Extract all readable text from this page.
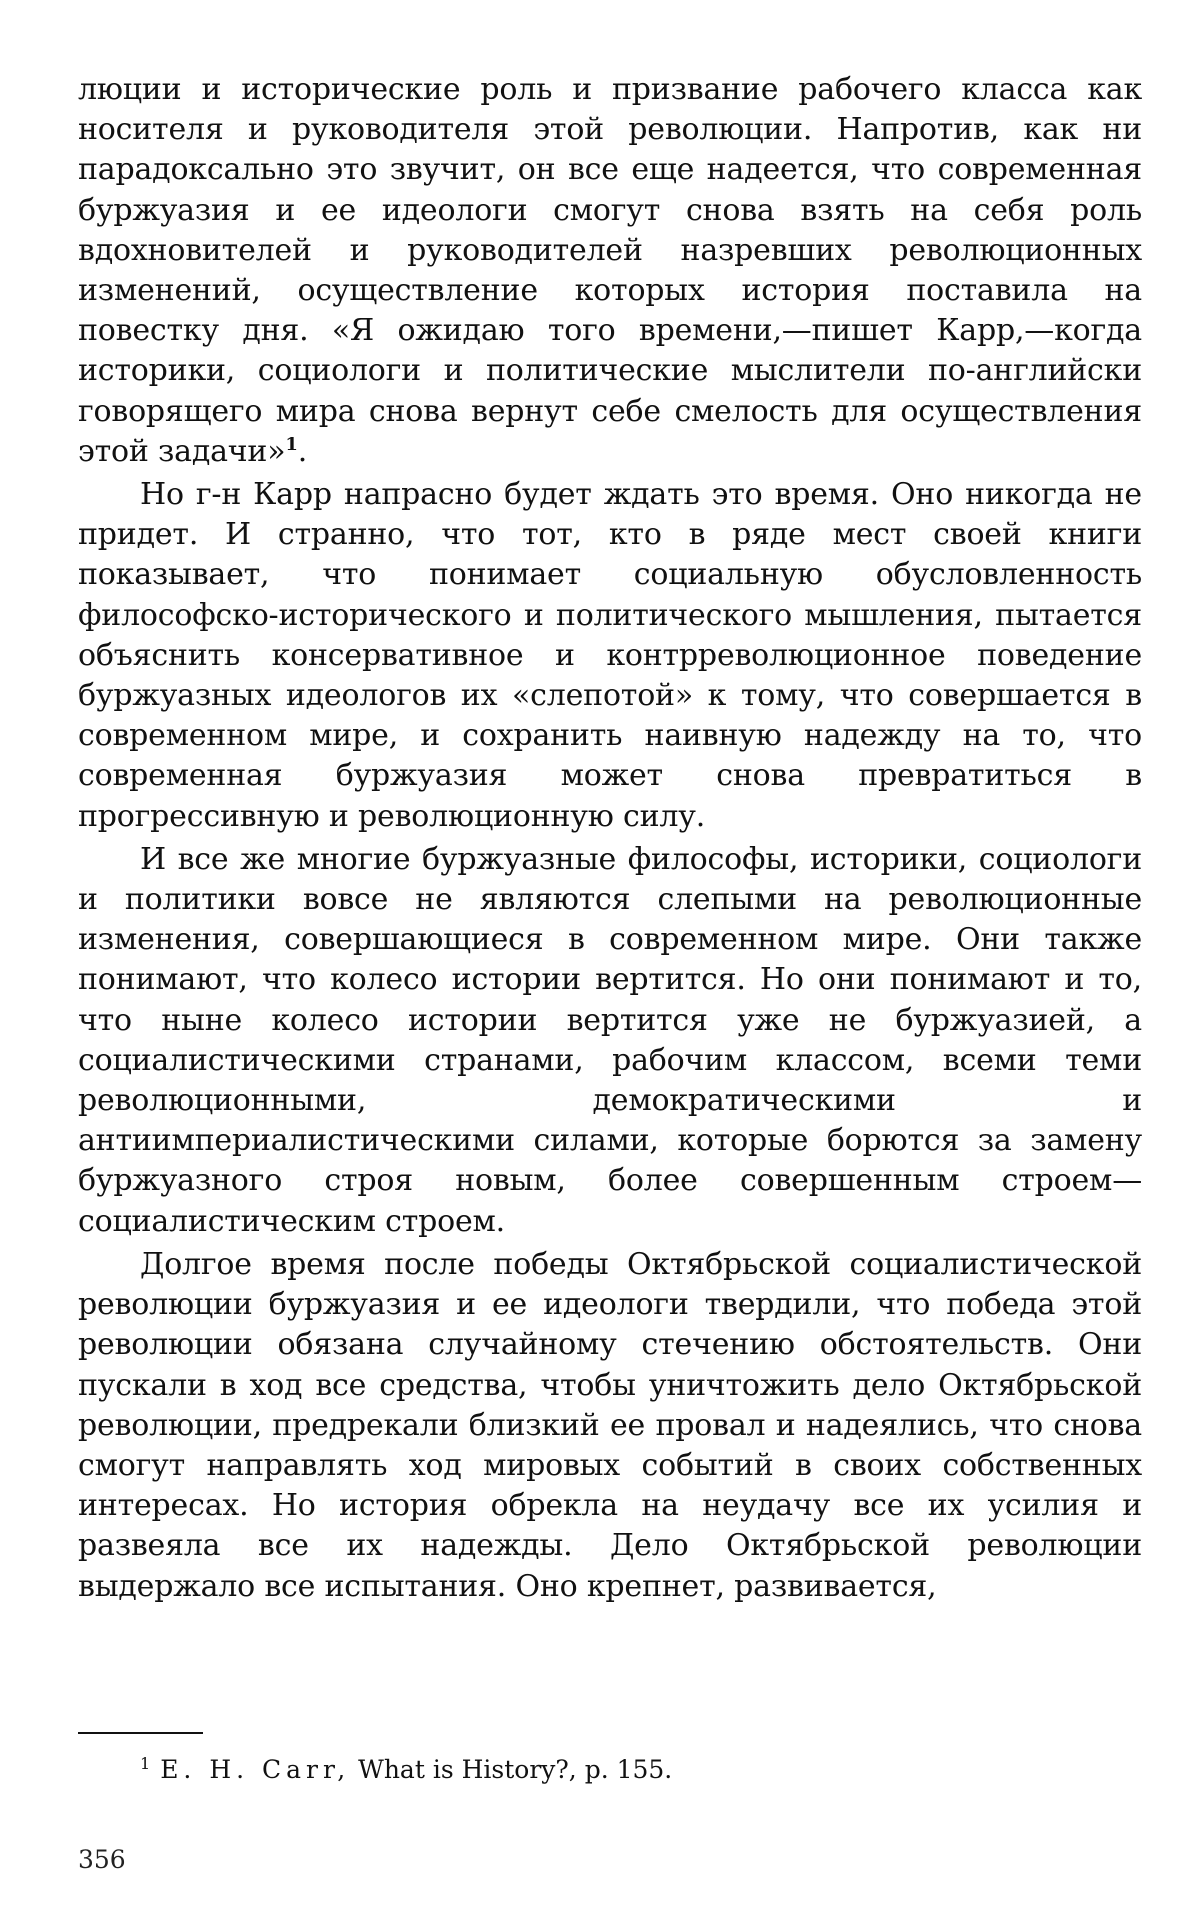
люции и исторические роль и призвание рабочего класса как носителя и руководителя этой революции. Напротив, как ни парадоксально это звучит, он все еще надеется, что современная буржуазия и ее идеологи смогут снова взять на себя роль вдохновителей и руководителей назревших революционных изменений, осуществление которых история поставила на повестку дня. «Я ожидаю того времени,—пишет Карр,—когда историки, социологи и политические мыслители по-английски говорящего мира снова вернут себе смелость для осуществления этой задачи»$^1$.

Но г-н Карр напрасно будет ждать это время. Оно никогда не придет. И странно, что тот, кто в ряде мест своей книги показывает, что понимает социальную обусловленность философско-исторического и политического мышления, пытается объяснить консервативное и контрреволюционное поведение буржуазных идеологов их «слепотой» к тому, что совершается в современном мире, и сохранить наивную надежду на то, что современная буржуазия может снова превратиться в прогрессивную и революционную силу.

И все же многие буржуазные философы, историки, социологи и политики вовсе не являются слепыми на революционные изменения, совершающиеся в современном мире. Они также понимают, что колесо истории вертится. Но они понимают и то, что ныне колесо истории вертится уже не буржуазией, а социалистическими странами, рабочим классом, всеми теми революционными, демократическими и антиимпериалистическими силами, которые борются за замену буржуазного строя новым, более совершенным строем—социалистическим строем.

Долгое время после победы Октябрьской социалистической революции буржуазия и ее идеологи твердили, что победа этой революции обязана случайному стечению обстоятельств. Они пускали в ход все средства, чтобы уничтожить дело Октябрьской революции, предрекали близкий ее провал и надеялись, что снова смогут направлять ход мировых событий в своих собственных интересах. Но история обрекла на неудачу все их усилия и развеяла все их надежды. Дело Октябрьской революции выдержало все испытания. Оно крепнет, развивается,

$^1$ E. H. Carr, What is History?, p. 155.
356
